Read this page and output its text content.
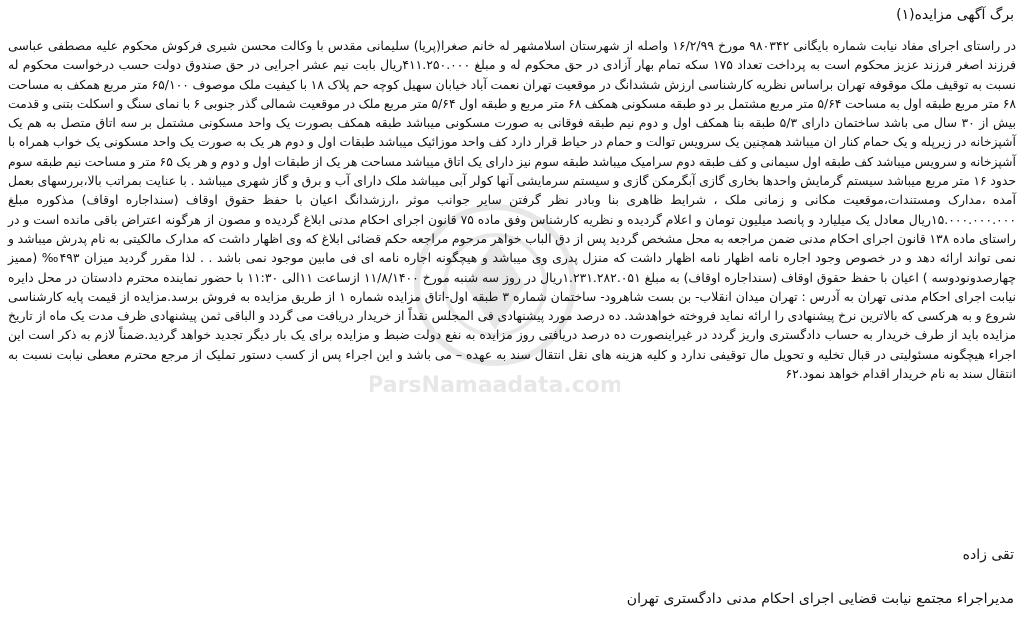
ParsNamaadata.com
برگ آگهی مزایده(۱)

در راستای اجرای مفاد نیابت شماره بایگانی ۹۸۰۳۴۲ مورخ ۱۶/۲/۹۹ واصله از شهرستان اسلامشهر له خانم صغرا(پریا) سلیمانی مقدس با وکالت محسن شیری فرکوش محکوم علیه مصطفی عباسی فرزند اصغر فرزند عزیز محکوم است به پرداخت تعداد ۱۷۵ سکه تمام بهار آزادی در حق محکوم له و مبلغ ۴۱۱.۲۵۰.۰۰۰ریال بابت نیم عشر اجرایی در حق صندوق دولت حسب درخواست محکوم له نسبت به توقیف ملک موقوفه تهران براساس نظریه کارشناسی ارزش ششدانگ در موقعیت تهران نعمت آباد خیابان سهیل کوچه حم پلاک ۱۸ با کیفیت ملک موصوف ۶۵/۱۰۰ متر مربع همکف به مساحت ۶۸ متر مربع طبقه اول به مساحت ۵/۶۴ متر مربع مشتمل بر دو طبقه مسکونی همکف ۶۸ متر مربع و طبقه اول ۵/۶۴ متر مربع ملک در موقعیت شمالی گذر جنوبی ۶ با نمای سنگ و اسکلت بتنی و قدمت بیش از ۳۰ سال می باشد ساختمان دارای ۵/۳ طبقه بنا همکف اول و دوم نیم طبقه فوقانی به صورت مسکونی میباشد طبقه همکف بصورت یک واحد مسکونی مشتمل بر سه اتاق متصل به هم یک آشپزخانه در زیرپله و یک حمام کنار ان میباشد همچنین یک سرویس توالت و حمام در حیاط قرار دارد کف واحد موزائیک میباشد طبقات اول و دوم هر یک به صورت یک واحد مسکونی یک خواب همراه با آشپزخانه و سرویس میباشد کف طبقه اول سیمانی و کف طبقه دوم سرامیک میباشد طبقه سوم نیز دارای یک اتاق میباشد مساحت هر یک از طبقات اول و دوم و هر یک ۶۵ متر و مساحت نیم طبقه سوم حدود ۱۶ متر مربع میباشد سیستم گرمایش واحدها بخاری گازی آبگرمکن گازی و سیستم سرمایشی آنها کولر آبی میباشد ملک دارای آب و برق و گاز شهری میباشد . با عنایت بمراتب بالا،بررسهای بعمل آمده ،مدارک ومستندات،موقعیت مکانی و زمانی ملک ، شرایط ظاهری بنا وبادر نظر گرفتن سایر جوانب موثر ،ارزشدانگ اعیان با حفظ حقوق اوقاف (سنداجاره اوقاف) مذکوره مبلغ ۱۵.۰۰۰.۰۰۰.۰۰۰ریال معادل یک میلیارد و پانصد میلیون تومان و اعلام گردیده و نظریه کارشناس وفق ماده ۷۵ قانون اجرای احکام مدنی ابلاغ گردیده و مصون از هرگونه اعتراض باقی مانده است و در راستای ماده ۱۳۸ قانون اجرای احکام مدنی ضمن مراجعه به محل مشخص گردید پس از دق الباب خواهر مرحوم مراجعه حکم قضائی ابلاغ که وی اظهار داشت که مدارک مالکیتی به نام پدرش میباشد و نمی تواند ارائه دهد و در خصوص وجود اجاره نامه اظهار نامه اظهار داشت که منزل پدری وی میباشد و هیچگونه اجاره نامه ای فی مابین موجود نمی باشد . . لذا مقرر گردید میزان ۴۹۳‰ (ممیز چهارصدونودوسه ) اعیان با حفظ حقوق اوقاف (سنداجاره اوقاف) به مبلغ ۱.۲۳۱.۲۸۲.۰۵۱ریال در روز سه شنبه مورخ ۱۱/۸/۱۴۰۰ ازساعت ۱۱الی ۱۱:۳۰ با حضور نماینده محترم دادستان در محل دایره نیابت اجرای احکام مدنی تهران به آدرس : تهران میدان انقلاب- بن بست شاهرود- ساختمان شماره ۳ طبقه اول-اتاق مزایده شماره ۱ از طریق مزایده به فروش برسد.مزایده از قیمت پایه کارشناسی شروع و به هرکسی که بالاترین نرخ پیشنهادی را ارائه نماید فروخته خواهدشد. ده درصد مورد پیشنهادی فی المجلس نقداً از خریدار دریافت می گردد و الباقی ثمن پیشنهادی ظرف مدت یک ماه از تاریخ مزایده باید از طرف خریدار به حساب دادگستری واریز گردد در غیراینصورت ده درصد دریافتی روز مزایده به نفع دولت ضبط و مزایده برای یک بار دیگر تجدید خواهد گردید.ضمناً لازم به ذکر است این اجراء هیچگونه مسئولیتی در قبال تخلیه و تحویل مال توقیفی ندارد و کلیه هزینه های نقل انتقال سند به عهده – می باشد و این اجراء پس از کسب دستور تملیک از مرجع محترم معطی نیابت نسبت به انتقال سند به نام خریدار اقدام خواهد نمود.۶۲

تقی زاده
مدیراجراء مجتمع نیابت قضایی اجرای احکام مدنی دادگستری تهران
